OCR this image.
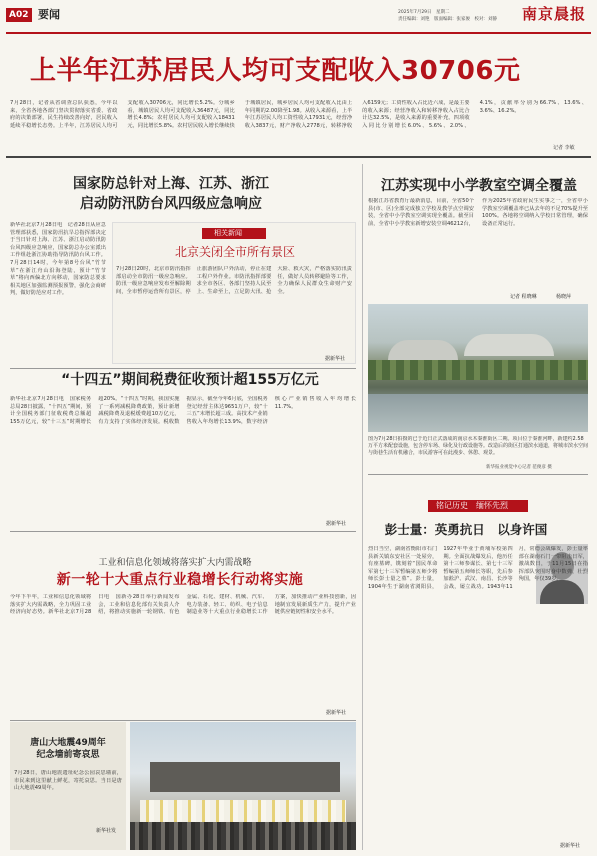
A02 要闻	2025年7月29日　星期二
责任编辑：刘艳　版面编辑：张家俊　校对：刘静 南京晨报
上半年江苏居民人均可支配收入30706元
7月28日，记者从省调查总队获悉，今年以来，全省各地各部门坚决贯彻落实省委、省政府的决策部署，民生持续改善向好，居民收入延续平稳增长态势。上半年，江苏居民人均可支配收入30706元，同比增长5.2%。分城乡看，城镇居民人均可支配收入36487元，同比增长4.8%；农村居民人均可支配收入18431元，同比增长5.8%。农村居民收入增长继续快于城镇居民，城乡居民人均可支配收入比由上年同期的2.00降至1.98。从收入来源看，上半年江苏居民人均工资性收入17931元，经营净收入3837元，财产净收入2778元，转移净收入6159元；工资性收入占比近六成，是最主要的收入来源；经营净收入和转移净收入占比合计达32.5%，是收入来源的重要补充。四项收入同比分别增长6.0%、5.6%、2.0%、4.1%，贡献率分别为66.7%、13.6%、3.6%、16.2%。
记者 李敏
国家防总针对上海、江苏、浙江
启动防汛防台风四级应急响应
新华社北京7月28日电　记者28日从应急管理部获悉，国家防汛抗旱总指挥部决定于当日针对上海、江苏、浙江启动防汛防台风四级应急响应，国家防总办公室派出工作组赴浙江协助指导防汛防台风工作。7月28日14时，今年第8号台风“竹节草”在浙江舟山沿海登陆，预计“竹节草”将向西偏北方向移动，国家防总要求相关地区加强监测预报预警，强化会商研判，做好防范应对工作。
相关新闻
北京关闭全市所有景区
7月28日20时，北京市防汛指挥部启动全市防汛一级应急响应。防汛一级应急响应发布至解除期间，全市暂停运营所有景区，停止旅游团队户外活动，停止在建工程户外作业。市防汛指挥部要求全市各区、各部门坚持人民至上、生命至上，立足防大汛、抢大险、救大灾，严格落实防汛责任，做好人员转移避险等工作，全力确保人民群众生命财产安全。
据新华社
“十四五”期间税费征收预计超155万亿元
新华社北京7月28日电　国家税务总局28日披露，“十四五”期间，预计全国税务部门征收税费总额超155万亿元，较“十三五”时期增长超20%。“十四五”时期，我国实施了一系列减税降费政策，预计新增减税降费及退税缓费超10万亿元，有力支持了实体经济发展。税收数据显示，截至今年6月底，全国税务登记经营主体达9651万户，较“十三五”末增长超三成。高技术产业销售收入年均增长13.9%，数字经济核心产业销售收入年均增长11.7%。
据新华社
工业和信息化领域将落实扩大内需战略
新一轮十大重点行业稳增长行动将实施
今年下半年，工业和信息化领域将落实扩大内需战略，全力巩固工业经济向好态势。新华社北京7月28日电　国新办28日举行新闻发布会，工业和信息化部有关负责人介绍，将推动实施新一轮钢铁、有色金属、石化、建材、机械、汽车、电力装备、轻工、纺织、电子信息制造业等十大重点行业稳增长工作方案，加快推动产业科技创新，因地制宜发展新质生产力，提升产业链供应链韧性和安全水平。
据新华社
唐山大地震49周年
纪念墙前寄哀思
7月28日，唐山地震遗址纪念公园哀思墙前，市民来到这里献上鲜花，寄托哀思。当日是唐山大地震49周年。
新华社发
江苏实现中小学教室空调全覆盖
根据江苏省教育厅最新消息，目前，全省50个县(市、区)全部完成独立学校及教学点空调安装，全省中小学教室空调实现全覆盖。截至目前，全省中小学教室新增安装空调46212台，作为2025年省政府民生实事之一，全省中小学教室空调覆盖率已从去年的不足70%提升至100%。各地将空调纳入学校日常管理，确保设备正常运行。
记者 程晓琳	杨晓萍
图为7月28日拍摄的已于近日正式落成的南京水木秦淮街区二期。项目位于秦淮河畔，新建约2.58万平方米配套设施，包含停车场、绿化及行政设施等。改造后的街区打通滨水通道，将城市滨水空间与街巷生活有机融合，市民游客可在此漫步、休憩、观景。
新华报业视觉中心记者 范俊彦 摄
铭记历史　缅怀先烈
彭士量：英勇抗日　以身许国
烈日当空，湖南省衡阳市石门县新关镇东安社区一处屋旁，有座墓碑，镌刻着“国民革命军第七十三军暂编第五师少将师长彭士量之墓”。彭士量，1904年生于湖南省浏阳县，1927年毕业于黄埔军校第四期。全面抗战爆发后，他历任第十三师参谋长、第七十三军暂编第五师师长等职，先后参加淞沪、武汉、南昌、长沙等会战，屡立战功。1943年11月，常德会战爆发，彭士量率部在湖南石门一带阻击日军，激战数日，于11月15日在指挥部队突围时身中数弹，壮烈殉国，年仅39岁。
据新华社
